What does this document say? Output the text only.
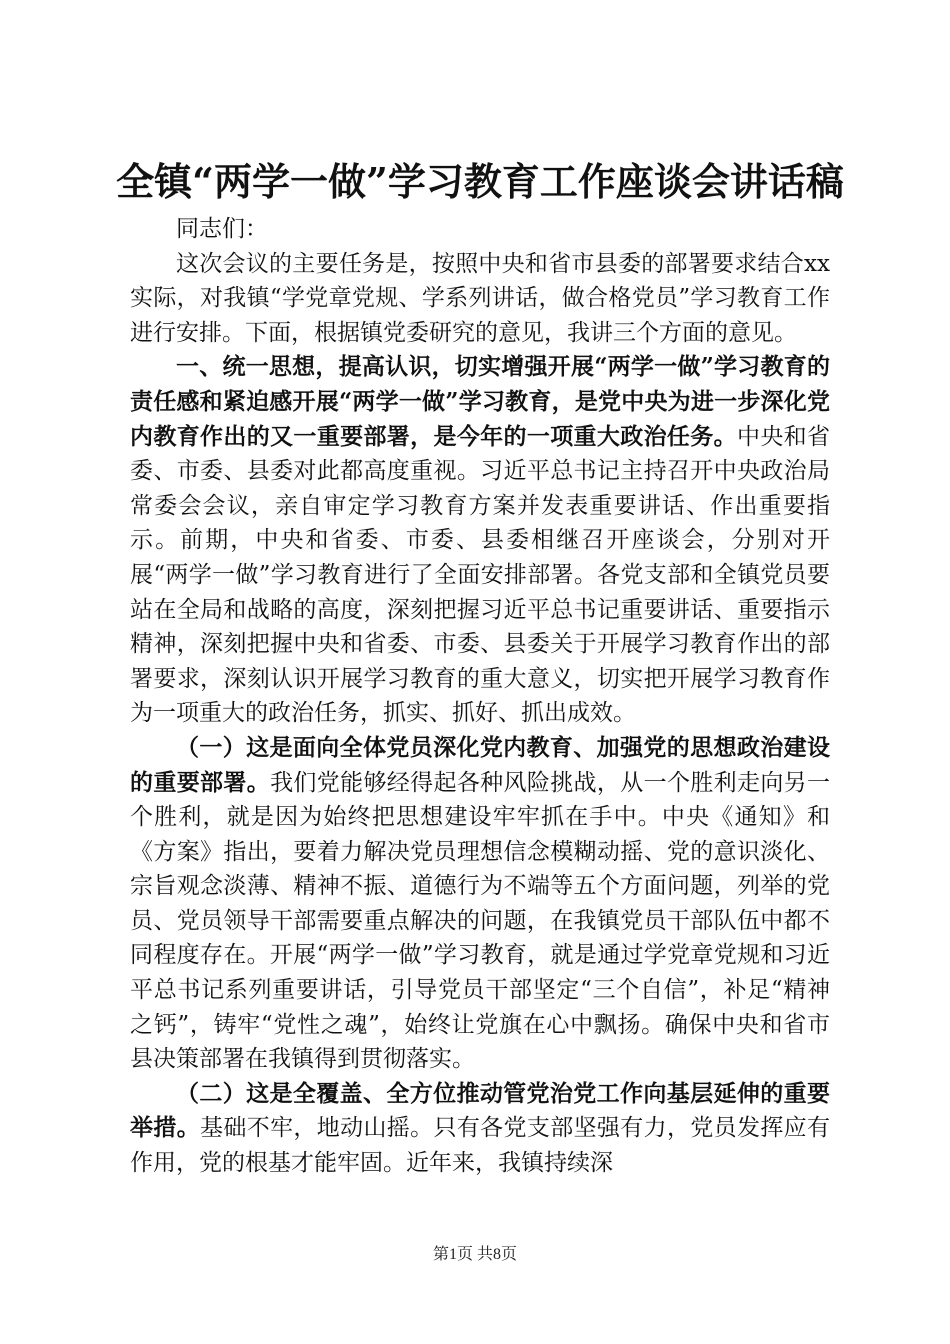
全镇“两学一做”学习教育工作座谈会讲话稿

同志们：

这次会议的主要任务是，按照中央和省市县委的部署要求结合xx实际，对我镇“学党章党规、学系列讲话，做合格党员”学习教育工作进行安排。下面，根据镇党委研究的意见，我讲三个方面的意见。

一、统一思想，提高认识，切实增强开展“两学一做”学习教育的责任感和紧迫感开展“两学一做”学习教育，是党中央为进一步深化党内教育作出的又一重要部署，是今年的一项重大政治任务。中央和省委、市委、县委对此都高度重视。习近平总书记主持召开中央政治局常委会会议，亲自审定学习教育方案并发表重要讲话、作出重要指示。前期，中央和省委、市委、县委相继召开座谈会，分别对开展“两学一做”学习教育进行了全面安排部署。各党支部和全镇党员要站在全局和战略的高度，深刻把握习近平总书记重要讲话、重要指示精神，深刻把握中央和省委、市委、县委关于开展学习教育作出的部署要求，深刻认识开展学习教育的重大意义，切实把开展学习教育作为一项重大的政治任务，抓实、抓好、抓出成效。

（一）这是面向全体党员深化党内教育、加强党的思想政治建设的重要部署。我们党能够经得起各种风险挑战，从一个胜利走向另一个胜利，就是因为始终把思想建设牢牢抓在手中。中央《通知》和《方案》指出，要着力解决党员理想信念模糊动摇、党的意识淡化、宗旨观念淡薄、精神不振、道德行为不端等五个方面问题，列举的党员、党员领导干部需要重点解决的问题，在我镇党员干部队伍中都不同程度存在。开展“两学一做”学习教育，就是通过学党章党规和习近平总书记系列重要讲话，引导党员干部坚定“三个自信”，补足“精神之钙”，铸牢“党性之魂”，始终让党旗在心中飘扬。确保中央和省市县决策部署在我镇得到贯彻落实。

（二）这是全覆盖、全方位推动管党治党工作向基层延伸的重要举措。基础不牢，地动山摇。只有各党支部坚强有力，党员发挥应有作用，党的根基才能牢固。近年来，我镇持续深

第1页 共8页
